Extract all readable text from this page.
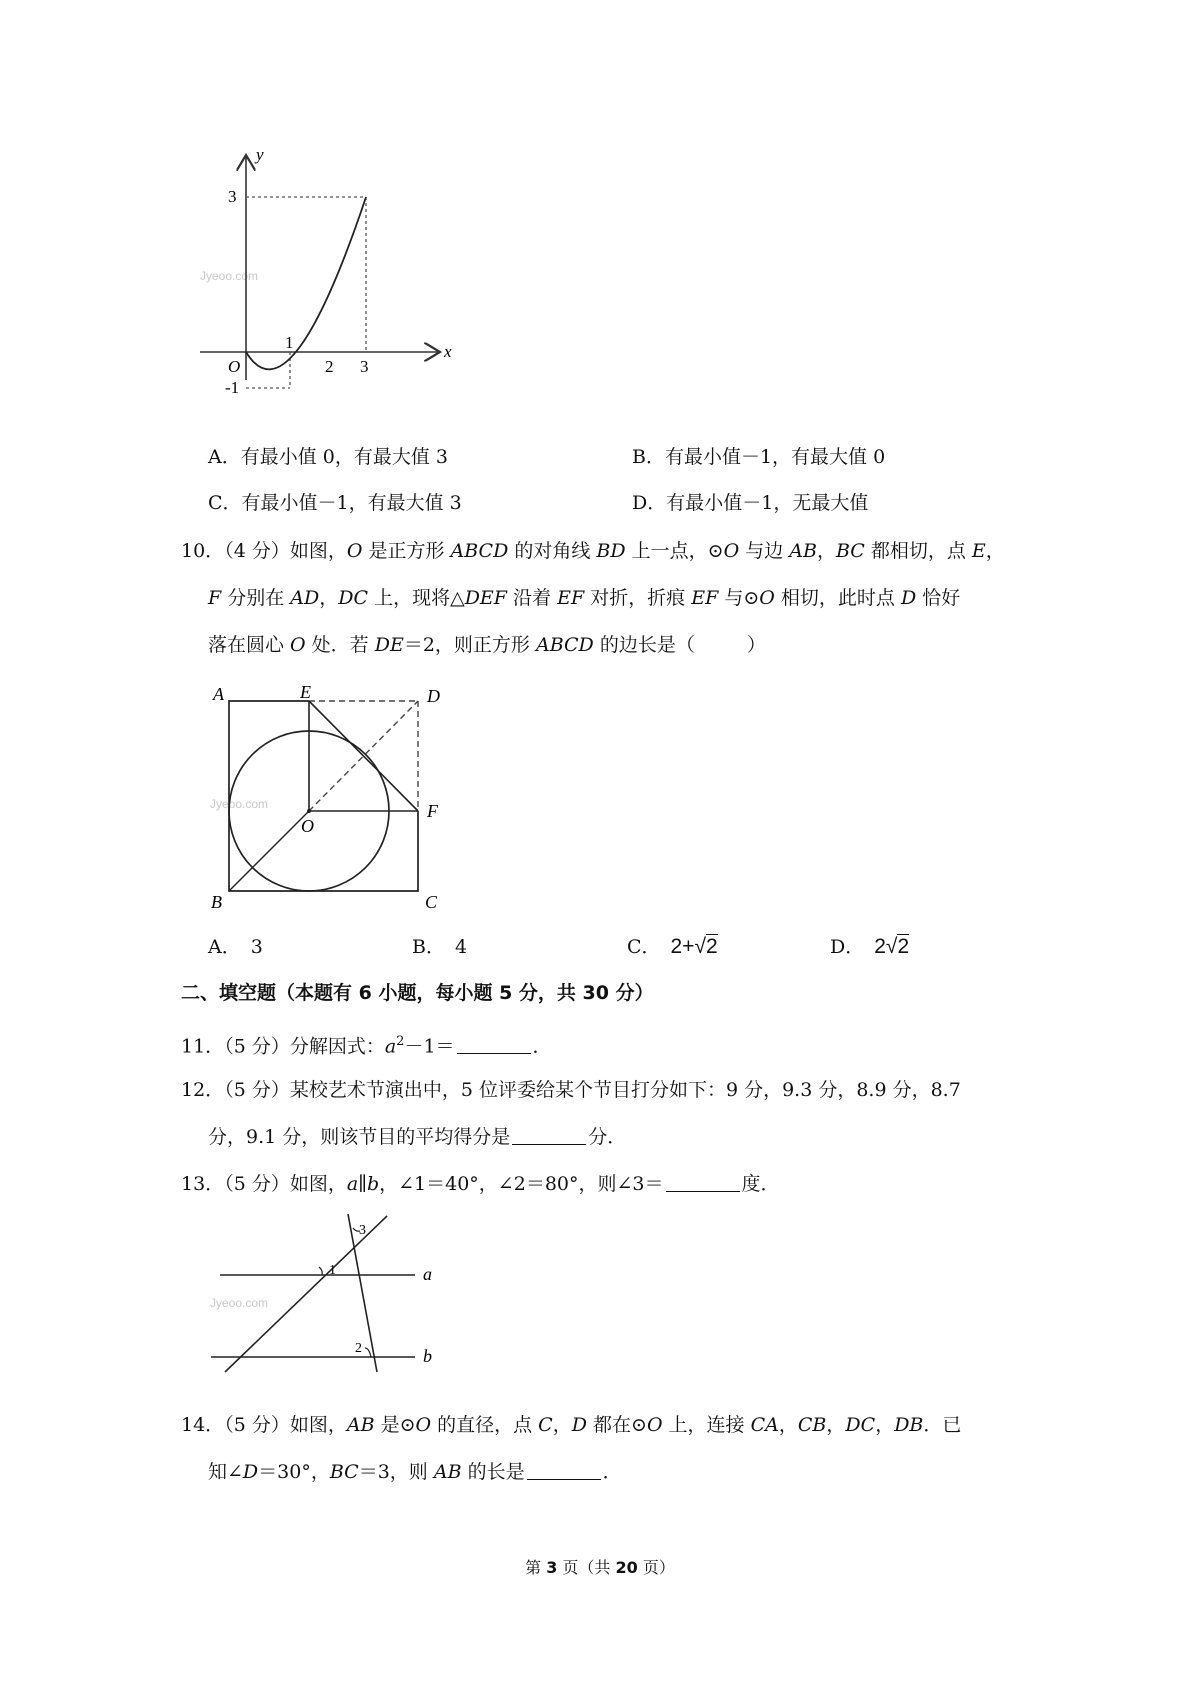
Jyeoo.com
y
x
3
-1
O
1
2 3
A．有最小值 0，有最大值 3	B．有最小值－1，有最大值 0
C．有最小值－1，有最大值 3	D．有最小值－1，无最大值
10．（4 分）如图，O 是正方形 ABCD 的对角线 BD 上一点，⊙O 与边 AB，BC 都相切，点 E，
F 分别在 AD，DC 上，现将△DEF 沿着 EF 对折，折痕 EF 与⊙O 相切，此时点 D 恰好
落在圆心 O 处．若 DE＝2，则正方形 ABCD 的边长是（	）
Jyeoo.com
A	E	D
F
O
B	C
A． 3	B． 4	C． 2+√2	D． 2√2
二、填空题（本题有 6 小题，每小题 5 分，共 30 分）
11．（5 分）分解因式：$a^2-1=$	．
12．（5 分）某校艺术节演出中，5 位评委给某个节目打分如下：9 分，9.3 分，8.9 分，8.7
分，9.1 分，则该节目的平均得分是	分．
13．（5 分）如图，a∥b，∠1＝40°，∠2＝80°，则∠3＝	度．
Jyeoo.com
1
2
3
a
b
14．（5 分）如图，AB 是⊙O 的直径，点 C，D 都在⊙O 上，连接 CA，CB，DC，DB．已
知∠D＝30°，BC＝3，则 AB 的长是	．
第 3 页（共 20 页）
